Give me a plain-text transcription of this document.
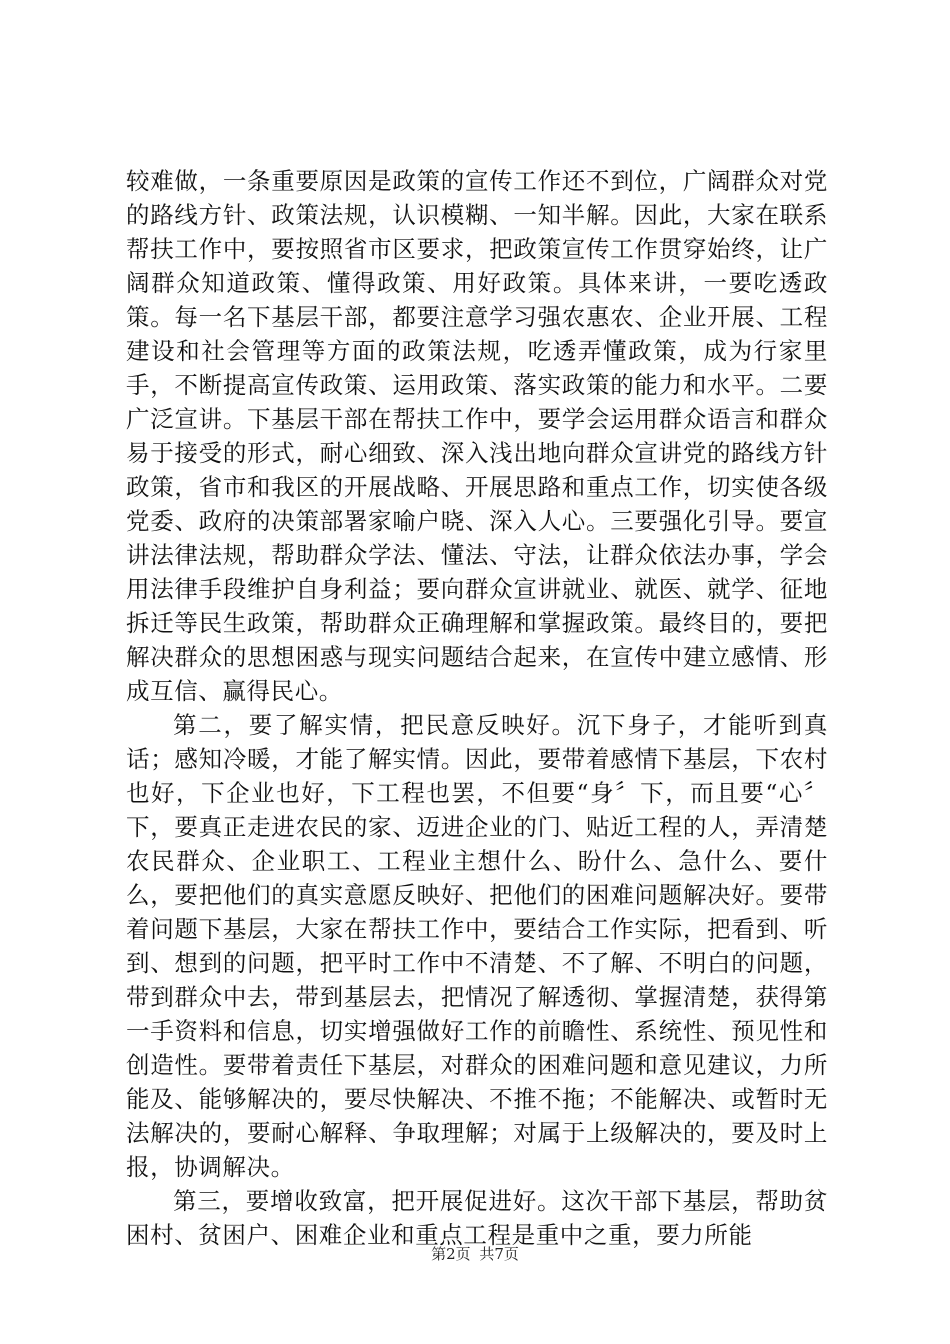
较难做，一条重要原因是政策的宣传工作还不到位，广阔群众对党的路线方针、政策法规，认识模糊、一知半解。因此，大家在联系帮扶工作中，要按照省市区要求，把政策宣传工作贯穿始终，让广阔群众知道政策、懂得政策、用好政策。具体来讲，一要吃透政策。每一名下基层干部，都要注意学习强农惠农、企业开展、工程建设和社会管理等方面的政策法规，吃透弄懂政策，成为行家里手，不断提高宣传政策、运用政策、落实政策的能力和水平。二要广泛宣讲。下基层干部在帮扶工作中，要学会运用群众语言和群众易于接受的形式，耐心细致、深入浅出地向群众宣讲党的路线方针政策，省市和我区的开展战略、开展思路和重点工作，切实使各级党委、政府的决策部署家喻户晓、深入人心。三要强化引导。要宣讲法律法规，帮助群众学法、懂法、守法，让群众依法办事，学会用法律手段维护自身利益；要向群众宣讲就业、就医、就学、征地拆迁等民生政策，帮助群众正确理解和掌握政策。最终目的，要把解决群众的思想困惑与现实问题结合起来，在宣传中建立感情、形成互信、赢得民心。

第二，要了解实情，把民意反映好。沉下身子，才能听到真话；感知冷暖，才能了解实情。因此，要带着感情下基层，下农村也好，下企业也好，下工程也罢，不但要“身〞下，而且要“心〞下，要真正走进农民的家、迈进企业的门、贴近工程的人，弄清楚农民群众、企业职工、工程业主想什么、盼什么、急什么、要什么，要把他们的真实意愿反映好、把他们的困难问题解决好。要带着问题下基层，大家在帮扶工作中，要结合工作实际，把看到、听到、想到的问题，把平时工作中不清楚、不了解、不明白的问题，带到群众中去，带到基层去，把情况了解透彻、掌握清楚，获得第一手资料和信息，切实增强做好工作的前瞻性、系统性、预见性和创造性。要带着责任下基层，对群众的困难问题和意见建议，力所能及、能够解决的，要尽快解决、不推不拖；不能解决、或暂时无法解决的，要耐心解释、争取理解；对属于上级解决的，要及时上报，协调解决。

第三，要增收致富，把开展促进好。这次干部下基层，帮助贫困村、贫困户、困难企业和重点工程是重中之重，要力所能

第2页 共7页
